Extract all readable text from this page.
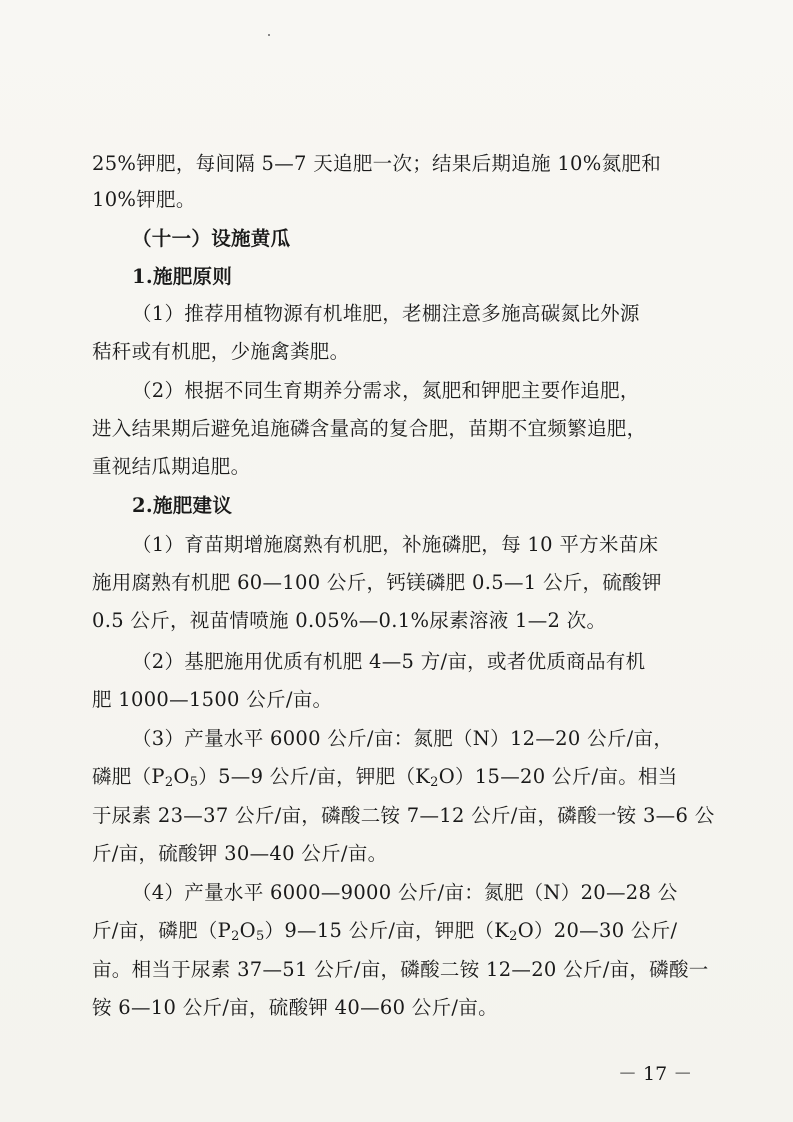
25%钾肥，每间隔 5—7 天追肥一次；结果后期追施 10%氮肥和
10%钾肥。
（十一）设施黄瓜
1.施肥原则
（1）推荐用植物源有机堆肥，老棚注意多施高碳氮比外源
秸秆或有机肥，少施禽粪肥。
（2）根据不同生育期养分需求，氮肥和钾肥主要作追肥，
进入结果期后避免追施磷含量高的复合肥，苗期不宜频繁追肥，
重视结瓜期追肥。
2.施肥建议
（1）育苗期增施腐熟有机肥，补施磷肥，每 10 平方米苗床
施用腐熟有机肥 60—100 公斤，钙镁磷肥 0.5—1 公斤，硫酸钾
0.5 公斤，视苗情喷施 0.05%—0.1%尿素溶液 1—2 次。
（2）基肥施用优质有机肥 4—5 方/亩，或者优质商品有机
肥 1000—1500 公斤/亩。
（3）产量水平 6000 公斤/亩：氮肥（N）12—20 公斤/亩，
磷肥$(P_2O_5)5—9$ 公斤/亩，钾肥$(K_2O)15—20$ 公斤/亩。相当
于尿素 23—37 公斤/亩，磷酸二铵 7—12 公斤/亩，磷酸一铵 3—6 公
斤/亩，硫酸钾 30—40 公斤/亩。
（4）产量水平 6000—9000 公斤/亩：氮肥（N）20—28 公
斤/亩，磷肥$(P_2O_5)9—15$ 公斤/亩，钾肥$(K_2O)20—30$ 公斤/
亩。相当于尿素 37—51 公斤/亩，磷酸二铵 12—20 公斤/亩，磷酸一
铵 6—10 公斤/亩，硫酸钾 40—60 公斤/亩。
－ 17 －
